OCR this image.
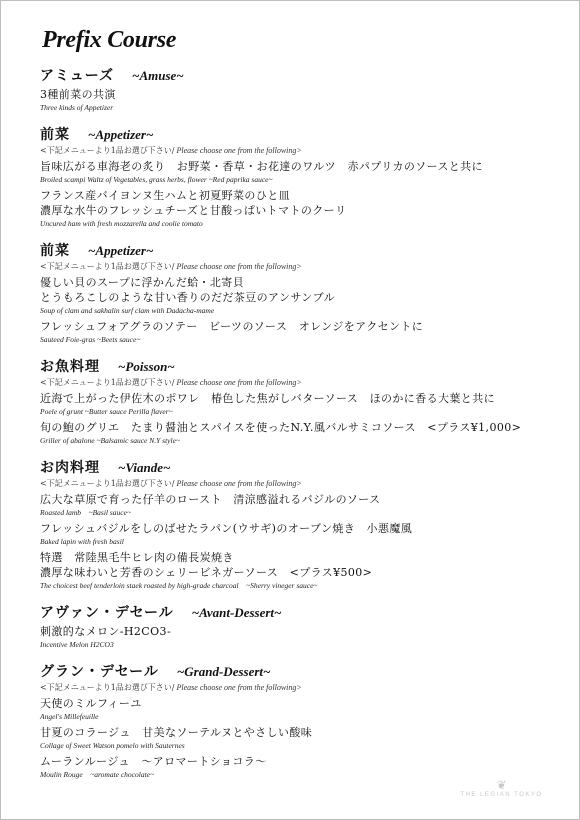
Prefix Course
アミューズ ~Amuse~
3種前菜の共演
Three kinds of Appetizer
前菜 ~Appetizer~
<下記メニューより1品お選び下さい/ Please choose one from the following>
旨味広がる車海老の炙り　お野菜・香草・お花達のワルツ　赤パプリカのソースと共に
Broiled scampi Waltz of Vegetables, grass herbs, flower ~Red paprika sauce~
フランス産バイヨンヌ生ハムと初夏野菜のひと皿
濃厚な水牛のフレッシュチーズと甘酸っぱいトマトのクーリ
Uncured ham with fresh mozzarella and coolie tomato
前菜 ~Appetizer~
<下記メニューより1品お選び下さい/ Please choose one from the following>
優しい貝のスープに浮かんだ蛤・北寄貝
とうもろこしのような甘い香りのだだ茶豆のアンサンブル
Soup of clam and sakhalin surf clam with Dadacha-mame
フレッシュフォアグラのソテー　ビーツのソース　オレンジをアクセントに
Sauteed Foie-gras ~Beets sauce~
お魚料理 ~Poisson~
<下記メニューより1品お選び下さい/ Please choose one from the following>
近海で上がった伊佐木のポワレ　椿色した焦がしバターソース　ほのかに香る大葉と共に
Poele of grunt ~Butter sauce Perilla flaver~
旬の鮑のグリエ　たまり醤油とスパイスを使ったN.Y.風バルサミコソース　<プラス¥1,000>
Griller of abalone ~Balsamic sauce N.Y style~
お肉料理 ~Viande~
<下記メニューより1品お選び下さい/ Please choose one from the following>
広大な草原で育った仔羊のロースト　清涼感溢れるバジルのソース
Roasted lamb　~Basil sauce~
フレッシュバジルをしのばせたラパン(ウサギ)のオーブン焼き　小悪魔風
Baked lapin with fresh basil
特選　常陸黒毛牛ヒレ肉の備長炭焼き
濃厚な味わいと芳香のシェリービネガーソース　<プラス¥500>
The choicest beef tenderloin staek roasted by high-grade charcoal　~Sherry vineger sauce~
アヴァン・デセール ~Avant-Dessert~
刺激的なメロン-H2CO3-
Incentive Melon H2CO3
グラン・デセール ~Grand-Dessert~
<下記メニューより1品お選び下さい/ Please choose one from the following>
天使のミルフィーユ
Angel's Millefeuille
甘夏のコラージュ　甘美なソーテルヌとやさしい酸味
Collage of Sweet Watson pomelo with Sauternes
ムーランルージュ　～アロマートショコラ～
Moulin Rouge　~aromate chocolate~
❦
THE LEGIAN TOKYO
